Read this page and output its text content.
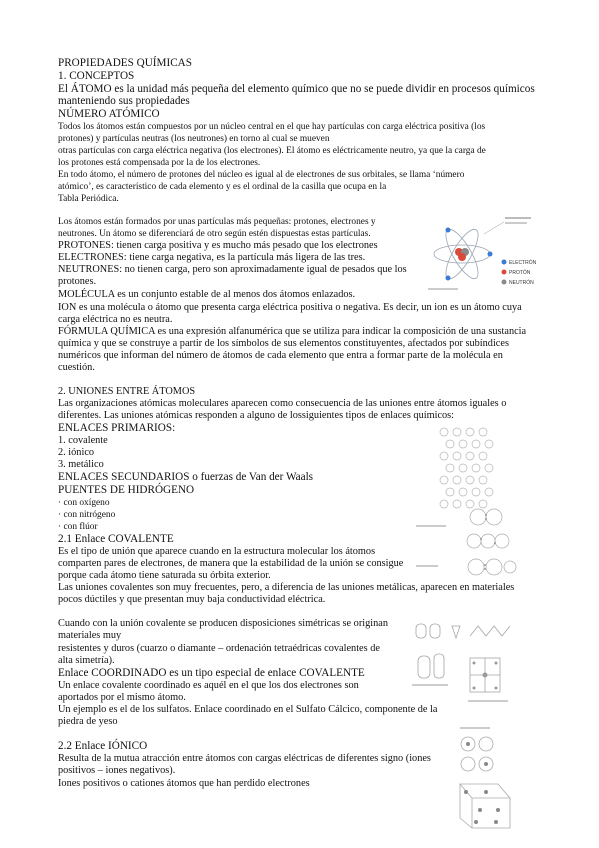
PROPIEDADES QUÍMICAS
1. CONCEPTOS
El ÁTOMO es la unidad más pequeña del elemento químico que no se puede dividir en procesos químicos
manteniendo sus propiedades
NÚMERO ATÓMICO
Todos los átomos están compuestos por un núcleo central en el que hay partículas con carga eléctrica positiva (los
protones) y partículas neutras (los neutrones) en torno al cual se mueven
otras partículas con carga eléctrica negativa (los electrones). El átomo es eléctricamente neutro, ya que la carga de
los protones está compensada por la de los electrones.
En todo átomo, el número de protones del núcleo es igual al de electrones de sus orbitales, se llama ‘número
atómico’, es característico de cada elemento y es el ordinal de la casilla que ocupa en la
Tabla Periódica.
Los átomos están formados por unas partículas más pequeñas: protones, electrones y
neutrones. Un átomo se diferenciará de otro según estén dispuestas estas partículas.
PROTONES: tienen carga positiva y es mucho más pesado que los electrones
ELECTRONES: tiene carga negativa, es la partícula más ligera de las tres.
NEUTRONES: no tienen carga, pero son aproximadamente igual de pesados que los
protones.
MOLÉCULA es un conjunto estable de al menos dos átomos enlazados.
ION es una molécula o átomo que presenta carga eléctrica positiva o negativa. Es decir, un ion es un átomo cuya
carga eléctrica no es neutra.
FÓRMULA QUÍMICA es una expresión alfanumérica que se utiliza para indicar la composición de una sustancia
química y que se construye a partir de los símbolos de sus elementos constituyentes, afectados por subíndices
numéricos que informan del número de átomos de cada elemento que entra a formar parte de la molécula en
cuestión.
2. UNIONES ENTRE ÁTOMOS
Las organizaciones atómicas moleculares aparecen como consecuencia de las uniones entre átomos iguales o
diferentes. Las uniones atómicas responden a alguno de lossiguientes tipos de enlaces químicos:
ENLACES PRIMARIOS:
1. covalente
2. iónico
3. metálico
ENLACES SECUNDARIOS o fuerzas de Van der Waals
PUENTES DE HIDRÓGENO
· con oxígeno
· con nitrógeno
· con flúor
2.1 Enlace COVALENTE
Es el tipo de unión que aparece cuando en la estructura molecular los átomos
comparten pares de electrones, de manera que la estabilidad de la unión se consigue
porque cada átomo tiene saturada su órbita exterior.
Las uniones covalentes son muy frecuentes, pero, a diferencia de las uniones metálicas, aparecen en materiales
pocos dúctiles y que presentan muy baja conductividad eléctrica.
Cuando con la unión covalente se producen disposiciones simétricas se originan
materiales muy
resistentes y duros (cuarzo o diamante – ordenación tetraédricas covalentes de
alta simetría).
Enlace COORDINADO es un tipo especial de enlace COVALENTE
Un enlace covalente coordinado es aquél en el que los dos electrones son
aportados por el mismo átomo.
Un ejemplo es el de los sulfatos. Enlace coordinado en el Sulfato Cálcico, componente de la
piedra de yeso
2.2 Enlace IÓNICO
Resulta de la mutua atracción entre átomos con cargas eléctricas de diferentes signo (iones
positivos – iones negativos).
Iones positivos o cationes átomos que han perdido electrones
ELECTRÓN
PROTÓN
NEUTRÓN
